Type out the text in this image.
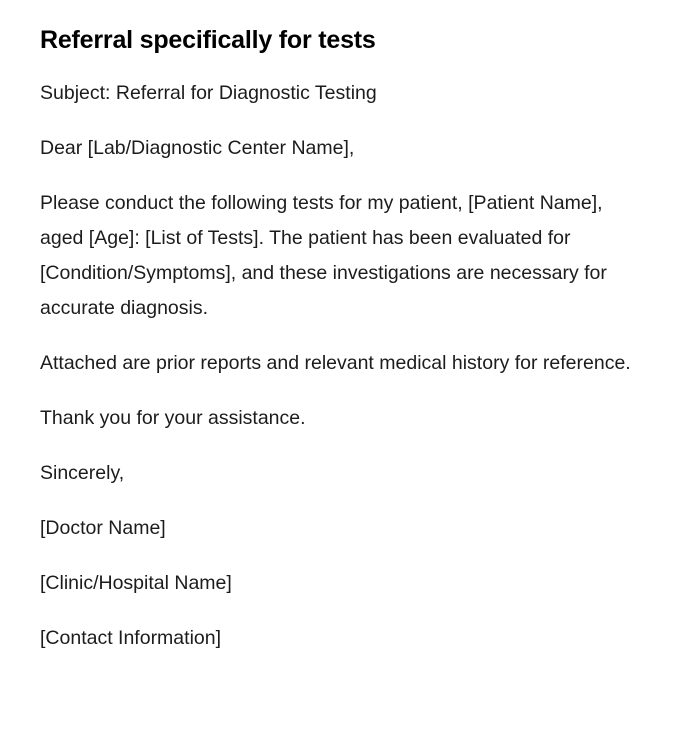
Referral specifically for tests

Subject: Referral for Diagnostic Testing

Dear [Lab/Diagnostic Center Name],

Please conduct the following tests for my patient, [Patient Name], aged [Age]: [List of Tests]. The patient has been evaluated for [Condition/Symptoms], and these investigations are necessary for accurate diagnosis.

Attached are prior reports and relevant medical history for reference.

Thank you for your assistance.

Sincerely,

[Doctor Name]

[Clinic/Hospital Name]

[Contact Information]
